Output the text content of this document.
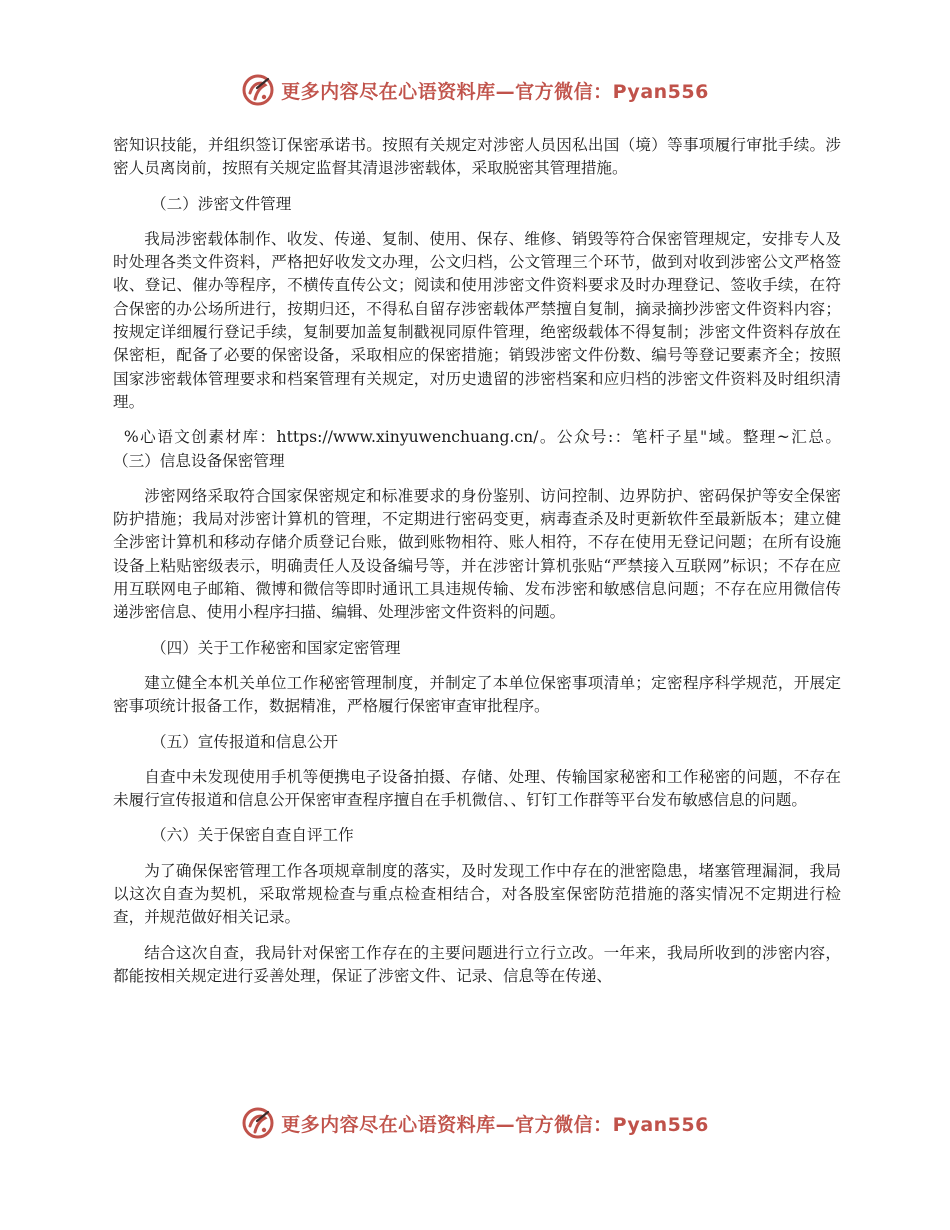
更多内容尽在心语资料库—官方微信：Pyan556

密知识技能，并组织签订保密承诺书。按照有关规定对涉密人员因私出国（境）等事项履行审批手续。涉密人员离岗前，按照有关规定监督其清退涉密载体，采取脱密其管理措施。

（二）涉密文件管理

我局涉密载体制作、收发、传递、复制、使用、保存、维修、销毁等符合保密管理规定，安排专人及时处理各类文件资料，严格把好收发文办理，公文归档，公文管理三个环节，做到对收到涉密公文严格签收、登记、催办等程序，不横传直传公文；阅读和使用涉密文件资料要求及时办理登记、签收手续，在符合保密的办公场所进行，按期归还，不得私自留存涉密载体严禁擅自复制，摘录摘抄涉密文件资料内容；按规定详细履行登记手续，复制要加盖复制戳视同原件管理，绝密级载体不得复制；涉密文件资料存放在保密柜，配备了必要的保密设备，采取相应的保密措施；销毁涉密文件份数、编号等登记要素齐全；按照国家涉密载体管理要求和档案管理有关规定，对历史遗留的涉密档案和应归档的涉密文件资料及时组织清理。

%心语文创素材库：https://www.xinyuwenchuang.cn/。公众号:：笔杆子星"域。整理~汇总。 （三）信息设备保密管理

涉密网络采取符合国家保密规定和标准要求的身份鉴别、访问控制、边界防护、密码保护等安全保密防护措施；我局对涉密计算机的管理，不定期进行密码变更，病毒查杀及时更新软件至最新版本；建立健全涉密计算机和移动存储介质登记台账，做到账物相符、账人相符，不存在使用无登记问题；在所有设施设备上粘贴密级表示，明确责任人及设备编号等，并在涉密计算机张贴“严禁接入互联网”标识；不存在应用互联网电子邮箱、微博和微信等即时通讯工具违规传输、发布涉密和敏感信息问题；不存在应用微信传递涉密信息、使用小程序扫描、编辑、处理涉密文件资料的问题。

（四）关于工作秘密和国家定密管理

建立健全本机关单位工作秘密管理制度，并制定了本单位保密事项清单；定密程序科学规范，开展定密事项统计报备工作，数据精准，严格履行保密审查审批程序。

（五）宣传报道和信息公开

自查中未发现使用手机等便携电子设备拍摄、存储、处理、传输国家秘密和工作秘密的问题，不存在未履行宣传报道和信息公开保密审查程序擅自在手机微信、、钉钉工作群等平台发布敏感信息的问题。

（六）关于保密自查自评工作

为了确保保密管理工作各项规章制度的落实，及时发现工作中存在的泄密隐患，堵塞管理漏洞，我局以这次自查为契机，采取常规检查与重点检查相结合，对各股室保密防范措施的落实情况不定期进行检查，并规范做好相关记录。

结合这次自查，我局针对保密工作存在的主要问题进行立行立改。一年来，我局所收到的涉密内容，都能按相关规定进行妥善处理，保证了涉密文件、记录、信息等在传递、

更多内容尽在心语资料库—官方微信：Pyan556
